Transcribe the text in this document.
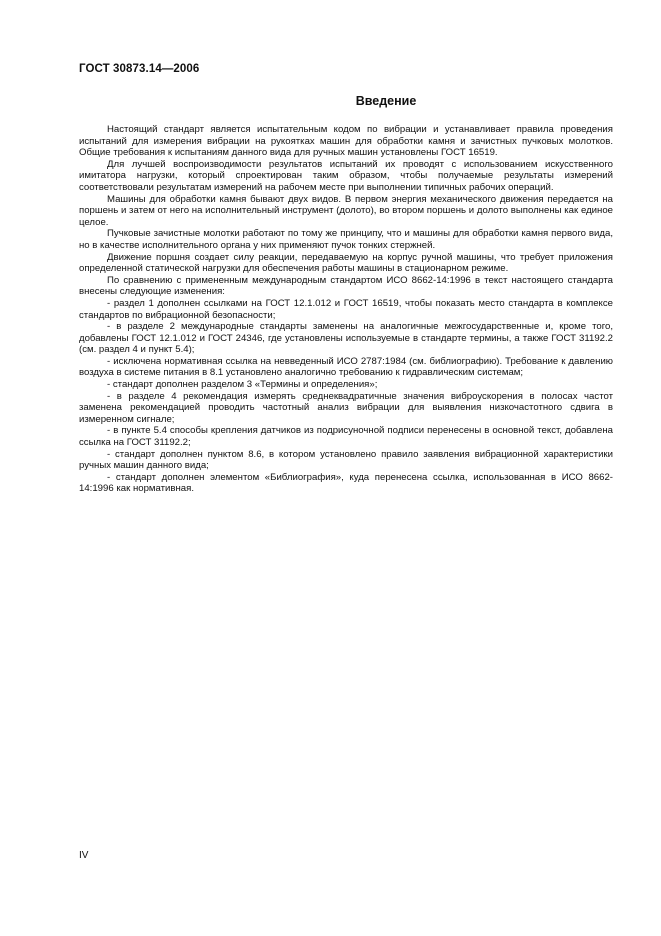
ГОСТ 30873.14—2006
Введение

Настоящий стандарт является испытательным кодом по вибрации и устанавливает правила проведения испытаний для измерения вибрации на рукоятках машин для обработки камня и зачистных пучковых молотков. Общие требования к испытаниям данного вида для ручных машин установлены ГОСТ 16519.

Для лучшей воспроизводимости результатов испытаний их проводят с использованием искусственного имитатора нагрузки, который спроектирован таким образом, чтобы получаемые результаты измерений соответствовали результатам измерений на рабочем месте при выполнении типичных рабочих операций.

Машины для обработки камня бывают двух видов. В первом энергия механического движения передается на поршень и затем от него на исполнительный инструмент (долото), во втором поршень и долото выполнены как единое целое.

Пучковые зачистные молотки работают по тому же принципу, что и машины для обработки камня первого вида, но в качестве исполнительного органа у них применяют пучок тонких стержней.

Движение поршня создает силу реакции, передаваемую на корпус ручной машины, что требует приложения определенной статической нагрузки для обеспечения работы машины в стационарном режиме.

По сравнению с примененным международным стандартом ИСО 8662-14:1996 в текст настоящего стандарта внесены следующие изменения:

- раздел 1 дополнен ссылками на ГОСТ 12.1.012 и ГОСТ 16519, чтобы показать место стандарта в комплексе стандартов по вибрационной безопасности;

- в разделе 2 международные стандарты заменены на аналогичные межгосударственные и, кроме того, добавлены ГОСТ 12.1.012 и ГОСТ 24346, где установлены используемые в стандарте термины, а также ГОСТ 31192.2 (см. раздел 4 и пункт 5.4);

- исключена нормативная ссылка на невведенный ИСО 2787:1984 (см. библиографию). Требование к давлению воздуха в системе питания в 8.1 установлено аналогично требованию к гидравлическим системам;

- стандарт дополнен разделом 3 «Термины и определения»;

- в разделе 4 рекомендация измерять среднеквадратичные значения виброускорения в полосах частот заменена рекомендацией проводить частотный анализ вибрации для выявления низкочастотного сдвига в измеренном сигнале;

- в пункте 5.4 способы крепления датчиков из подрисуночной подписи перенесены в основной текст, добавлена ссылка на ГОСТ 31192.2;

- стандарт дополнен пунктом 8.6, в котором установлено правило заявления вибрационной характеристики ручных машин данного вида;

- стандарт дополнен элементом «Библиография», куда перенесена ссылка, использованная в ИСО 8662-14:1996 как нормативная.

IV
